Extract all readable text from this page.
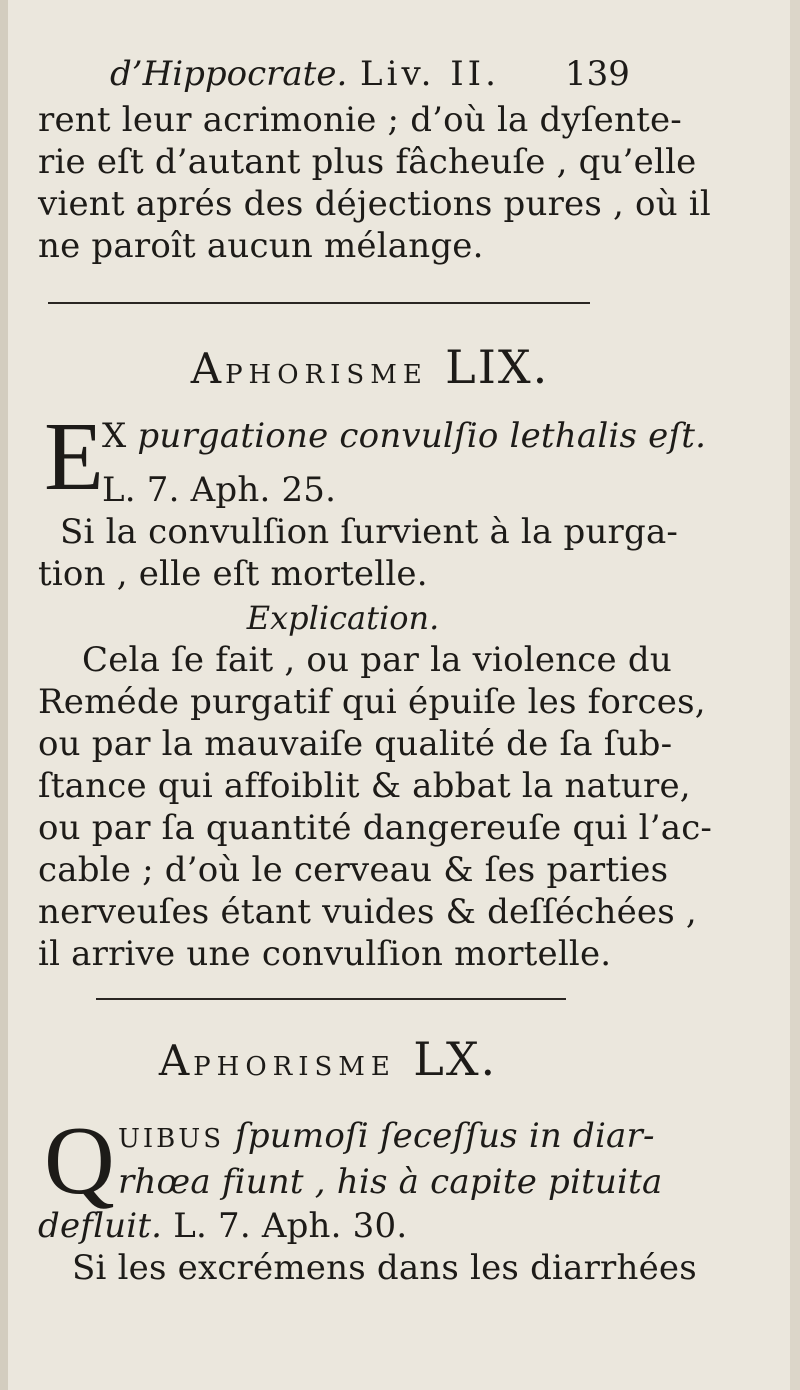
d’Hippocrate. Liv. II. 139
rent leur acrimonie ; d’où la dyſente-
rie eſt d’autant plus fâcheuſe , qu’elle
vient aprés des déjections pures , où il
ne paroît aucun mélange.
APHORISME LIX.
E
X purgatione convulſio lethalis eſt.
L. 7. Aph. 25.
Si la convulſion ſurvient à la purga-
tion , elle eſt mortelle.
Explication.
Cela ſe fait , ou par la violence du
Reméde purgatif qui épuiſe les forces,
ou par la mauvaiſe qualité de ſa ſub-
ſtance qui affoiblit & abbat la nature,
ou par ſa quantité dangereuſe qui l’ac-
cable ; d’où le cerveau & ſes parties
nerveuſes étant vuides & deſſéchées ,
il arrive une convulſion mortelle.
APHORISME LX.
Q UIBUS ſpumoſi ſeceſſus in diar-
rhœa fiunt , his à capite pituita
defluit. L. 7. Aph. 30.
Si les excrémens dans les diarrhées
